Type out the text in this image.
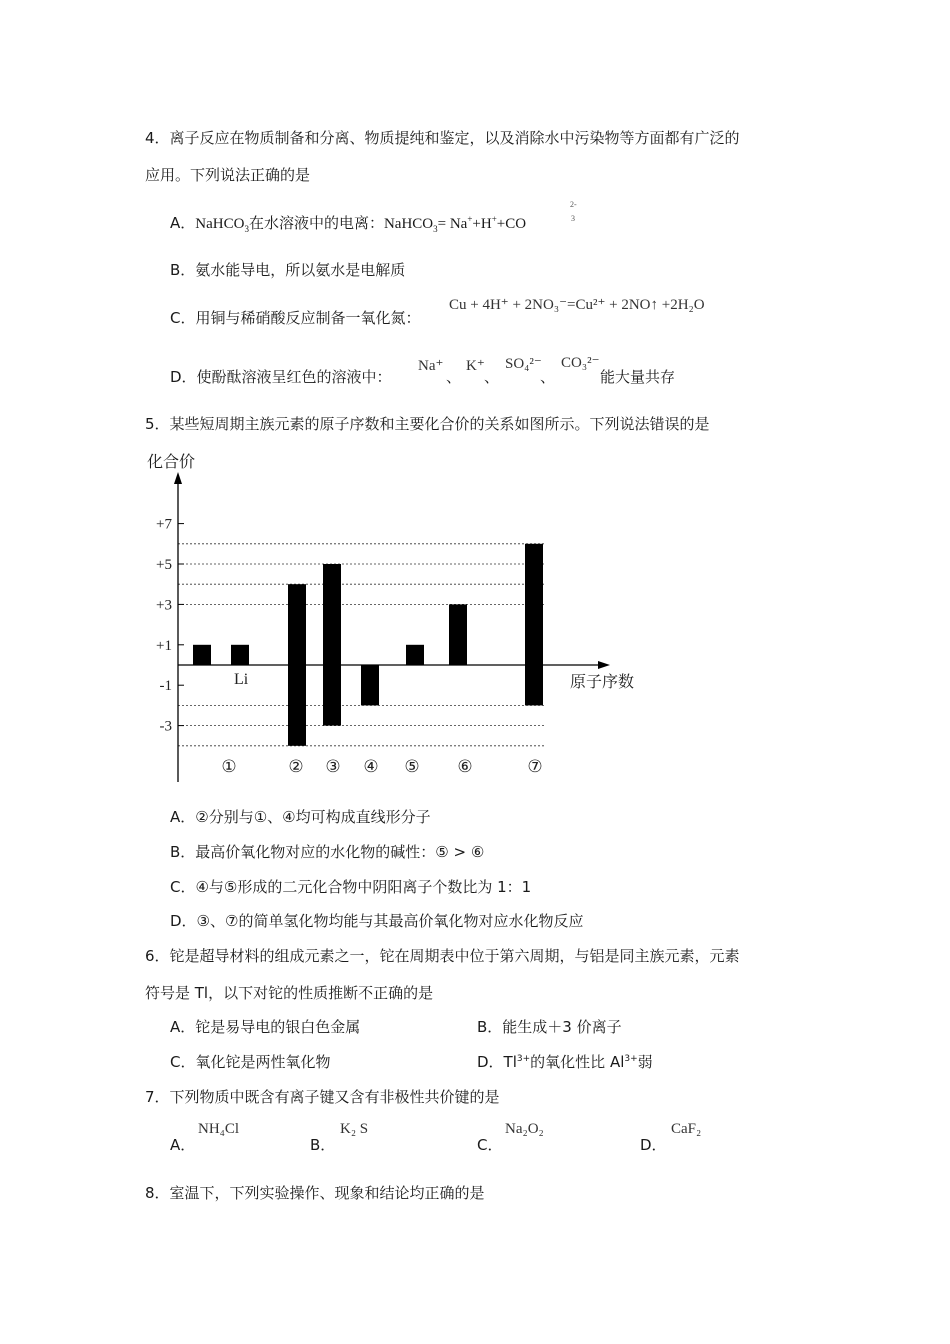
4．离子反应在物质制备和分离、物质提纯和鉴定，以及消除水中污染物等方面都有广泛的
应用。下列说法正确的是
A．NaHCO$_3$在水溶液中的电离：NaHCO$_3$= Na++H++CO
2-
3
B．氨水能导电，所以氨水是电解质
C．用铜与稀硝酸反应制备一氧化氮：
Cu + 4H⁺ + 2NO₃⁻=Cu²⁺ + 2NO↑ +2H₂O
D．使酚酞溶液呈红色的溶液中：
Na⁺
、
K⁺
、
SO₄²⁻
、
CO₃²⁻
能大量共存
5．某些短周期主族元素的原子序数和主要化合价的关系如图所示。下列说法错误的是
化合价
+7
+5
+3
+1
-1
-3
①	② ③ ④ ⑤ ⑥	⑦
原子序数
Li
A．②分别与①、④均可构成直线形分子
B．最高价氧化物对应的水化物的碱性：⑤ > ⑥
C．④与⑤形成的二元化合物中阴阳离子个数比为 1：1
D．③、⑦的简单氢化物均能与其最高价氧化物对应水化物反应
6．铊是超导材料的组成元素之一，铊在周期表中位于第六周期，与铝是同主族元素，元素
符号是 Tl，以下对铊的性质推断不正确的是
A．铊是易导电的银白色金属	B．能生成＋3 价离子
C．氧化铊是两性氧化物	D．$Tl^{3+}$的氧化性比 $Al^{3+}$弱
7．下列物质中既含有离子键又含有非极性共价键的是
A．
NH₄Cl
B．
K₂ S
C．
Na₂O₂
D．
CaF₂
8．室温下，下列实验操作、现象和结论均正确的是
